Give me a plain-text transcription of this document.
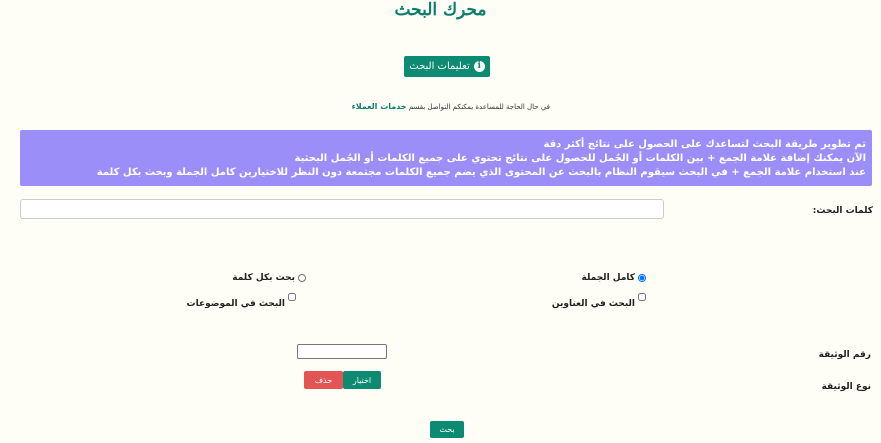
محرك البحث
i
تعليمات البحث
في حال الحاجة للمساعدة يمكنكم التواصل بقسم خدمات العملاء
تم تطوير طريقة البحث لتساعدك على الحصول على نتائج أكثر دقة
الآن يمكنك إضافة علامة الجمع + بين الكلمات أو الجُمل للحصول على نتائج تحتوي على جميع الكلمات أو الجُمل البحثية
عند استخدام علامة الجمع + في البحث سيقوم النظام بالبحث عن المحتوى الذي يضم جميع الكلمات مجتمعة دون النظر للاختيارين كامل الجملة وبحث بكل كلمة
كلمات البحث:
كامل الجملة
بحث بكل كلمة
البحث في العناوين
البحث في الموضوعات
رقم الوثيقة
نوع الوثيقة
اختيار
حذف
بحث
